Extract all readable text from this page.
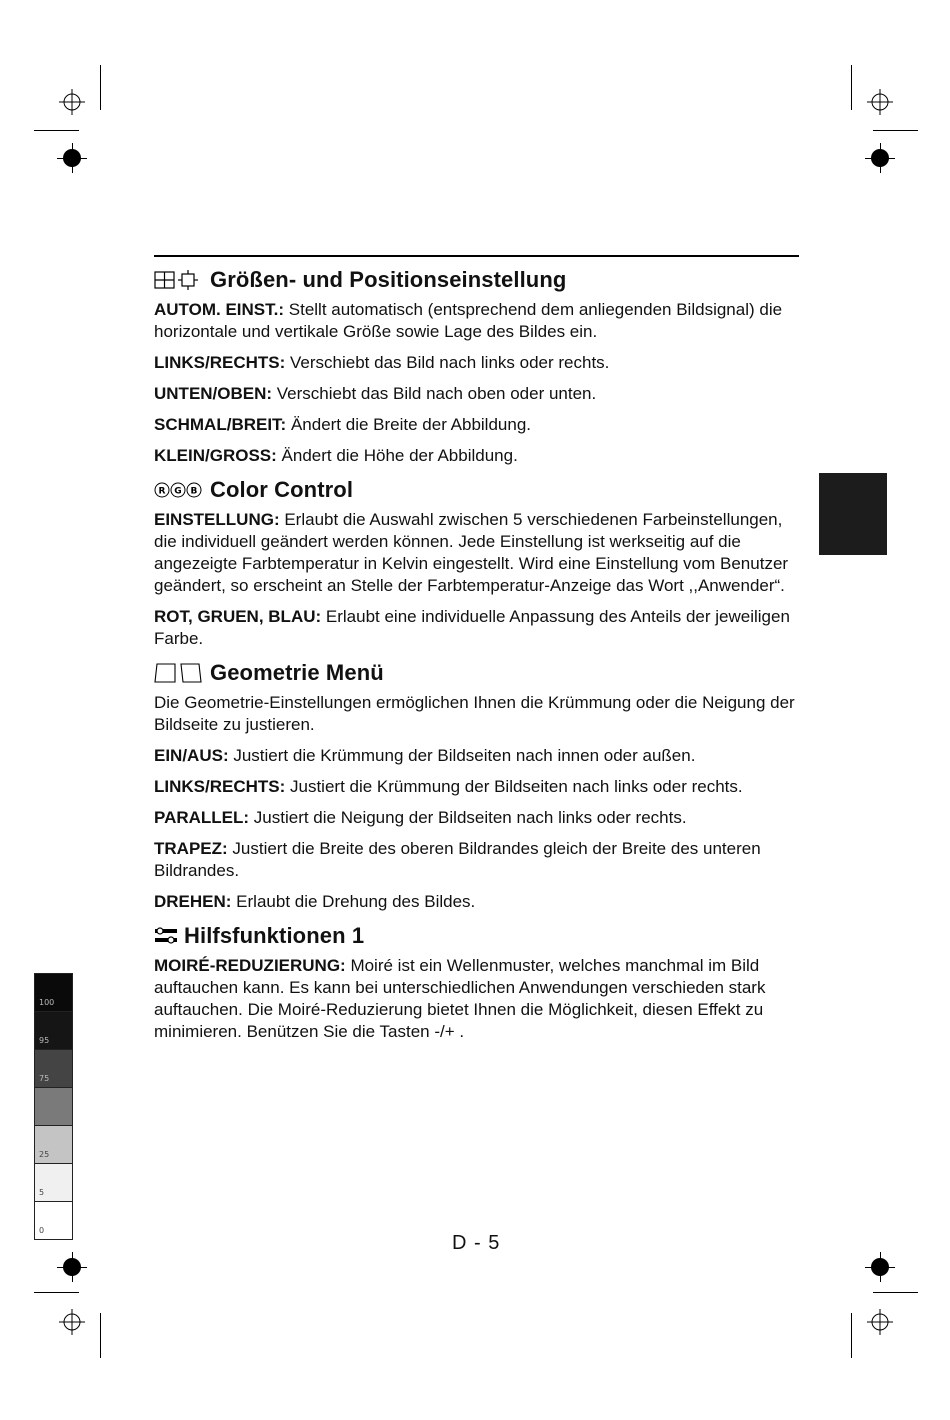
100
95
75
25
5
0
Größen- und Positionseinstellung

AUTOM. EINST.: Stellt automatisch (entsprechend dem anliegenden Bildsignal) die horizontale und vertikale Größe sowie Lage des Bildes ein.

LINKS/RECHTS: Verschiebt das Bild nach links oder rechts.

UNTEN/OBEN: Verschiebt das Bild nach oben oder unten.

SCHMAL/BREIT: Ändert die Breite der Abbildung.

KLEIN/GROSS: Ändert die Höhe der Abbildung.

R G B Color Control

EINSTELLUNG: Erlaubt die Auswahl zwischen 5 verschiedenen Farbeinstellungen, die individuell geändert werden können. Jede Einstellung ist werkseitig auf die angezeigte Farbtemperatur in Kelvin eingestellt. Wird eine Einstellung vom Benutzer geändert, so erscheint an Stelle der Farbtemperatur-Anzeige das Wort ,,Anwender“.

ROT, GRUEN, BLAU: Erlaubt eine individuelle Anpassung des Anteils der jeweiligen Farbe.

Geometrie Menü

Die Geometrie-Einstellungen ermöglichen Ihnen die Krümmung oder die Neigung der Bildseite zu justieren.

EIN/AUS: Justiert die Krümmung der Bildseiten nach innen oder außen.

LINKS/RECHTS: Justiert die Krümmung der Bildseiten nach links oder rechts.

PARALLEL: Justiert die Neigung der Bildseiten nach links oder rechts.

TRAPEZ: Justiert die Breite des oberen Bildrandes gleich der Breite des unteren Bildrandes.

DREHEN: Erlaubt die Drehung des Bildes.

Hilfsfunktionen 1

MOIRÉ-REDUZIERUNG: Moiré ist ein Wellenmuster, welches manchmal im Bild auftauchen kann. Es kann bei unterschiedlichen Anwendungen verschieden stark auftauchen. Die Moiré-Reduzierung bietet Ihnen die Möglichkeit, diesen Effekt zu minimieren. Benützen Sie die Tasten -/+ .

D - 5
